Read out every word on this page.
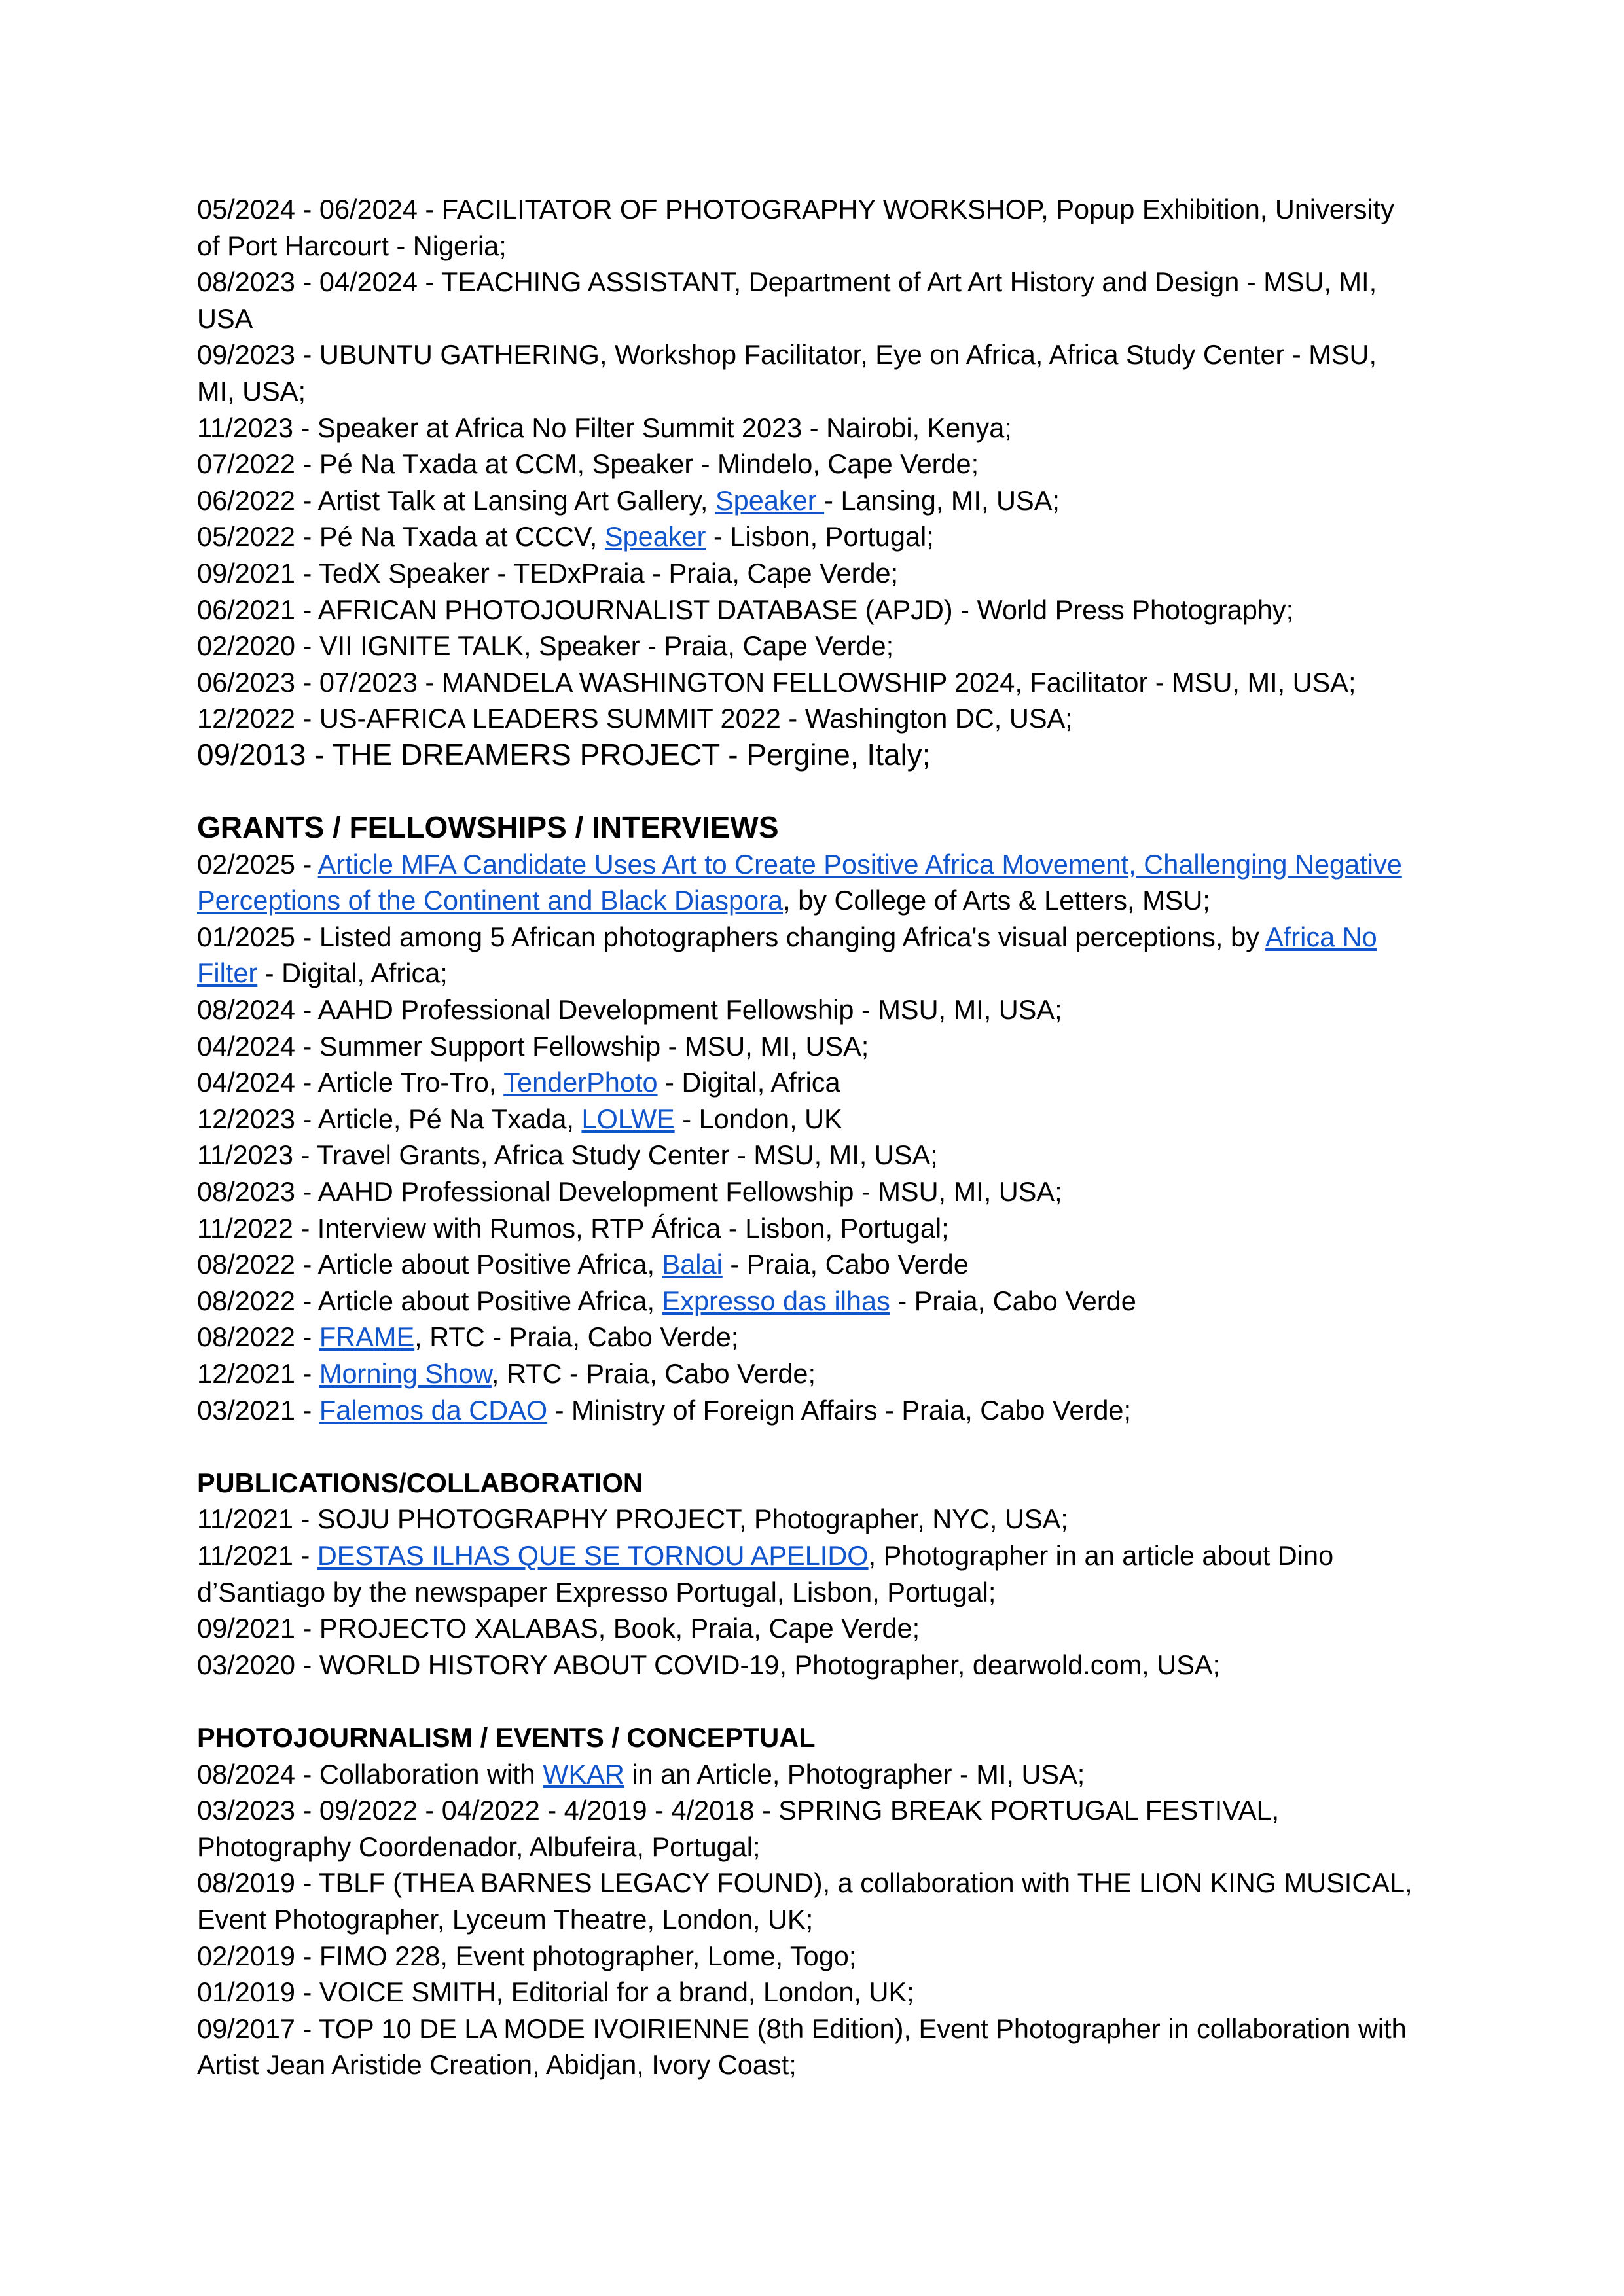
05/2024 - 06/2024 - FACILITATOR OF PHOTOGRAPHY WORKSHOP, Popup Exhibition, University
of Port Harcourt - Nigeria;
08/2023 - 04/2024 - TEACHING ASSISTANT, Department of Art Art History and Design - MSU, MI,
USA
09/2023 - UBUNTU GATHERING, Workshop Facilitator, Eye on Africa, Africa Study Center - MSU,
MI, USA;
11/2023 - Speaker at Africa No Filter Summit 2023 - Nairobi, Kenya;
07/2022 - Pé Na Txada at CCM, Speaker - Mindelo, Cape Verde;
06/2022 - Artist Talk at Lansing Art Gallery, Speaker - Lansing, MI, USA;
05/2022 - Pé Na Txada at CCCV, Speaker - Lisbon, Portugal;
09/2021 - TedX Speaker - TEDxPraia - Praia, Cape Verde;
06/2021 - AFRICAN PHOTOJOURNALIST DATABASE (APJD) - World Press Photography;
02/2020 - VII IGNITE TALK, Speaker - Praia, Cape Verde;
06/2023 - 07/2023 - MANDELA WASHINGTON FELLOWSHIP 2024, Facilitator - MSU, MI, USA;
12/2022 - US-AFRICA LEADERS SUMMIT 2022 - Washington DC, USA;
09/2013 - THE DREAMERS PROJECT - Pergine, Italy;
GRANTS / FELLOWSHIPS / INTERVIEWS
02/2025 - Article MFA Candidate Uses Art to Create Positive Africa Movement, Challenging Negative
Perceptions of the Continent and Black Diaspora, by College of Arts & Letters, MSU;
01/2025 - Listed among 5 African photographers changing Africa's visual perceptions, by Africa No
Filter - Digital, Africa;
08/2024 - AAHD Professional Development Fellowship - MSU, MI, USA;
04/2024 - Summer Support Fellowship - MSU, MI, USA;
04/2024 - Article Tro-Tro, TenderPhoto - Digital, Africa
12/2023 - Article, Pé Na Txada, LOLWE - London, UK
11/2023 - Travel Grants, Africa Study Center - MSU, MI, USA;
08/2023 - AAHD Professional Development Fellowship - MSU, MI, USA;
11/2022 - Interview with Rumos, RTP África - Lisbon, Portugal;
08/2022 - Article about Positive Africa, Balai - Praia, Cabo Verde
08/2022 - Article about Positive Africa, Expresso das ilhas - Praia, Cabo Verde
08/2022 - FRAME, RTC - Praia, Cabo Verde;
12/2021 - Morning Show, RTC - Praia, Cabo Verde;
03/2021 - Falemos da CDAO - Ministry of Foreign Affairs - Praia, Cabo Verde;
PUBLICATIONS/COLLABORATION
11/2021 - SOJU PHOTOGRAPHY PROJECT, Photographer, NYC, USA;
11/2021 - DESTAS ILHAS QUE SE TORNOU APELIDO, Photographer in an article about Dino
d’Santiago by the newspaper Expresso Portugal, Lisbon, Portugal;
09/2021 - PROJECTO XALABAS, Book, Praia, Cape Verde;
03/2020 - WORLD HISTORY ABOUT COVID-19, Photographer, dearwold.com, USA;
PHOTOJOURNALISM / EVENTS / CONCEPTUAL
08/2024 - Collaboration with WKAR in an Article, Photographer - MI, USA;
03/2023 - 09/2022 - 04/2022 - 4/2019 - 4/2018 - SPRING BREAK PORTUGAL FESTIVAL,
Photography Coordenador, Albufeira, Portugal;
08/2019 - TBLF (THEA BARNES LEGACY FOUND), a collaboration with THE LION KING MUSICAL,
Event Photographer, Lyceum Theatre, London, UK;
02/2019 - FIMO 228, Event photographer, Lome, Togo;
01/2019 - VOICE SMITH, Editorial for a brand, London, UK;
09/2017 - TOP 10 DE LA MODE IVOIRIENNE (8th Edition), Event Photographer in collaboration with
Artist Jean Aristide Creation, Abidjan, Ivory Coast;
